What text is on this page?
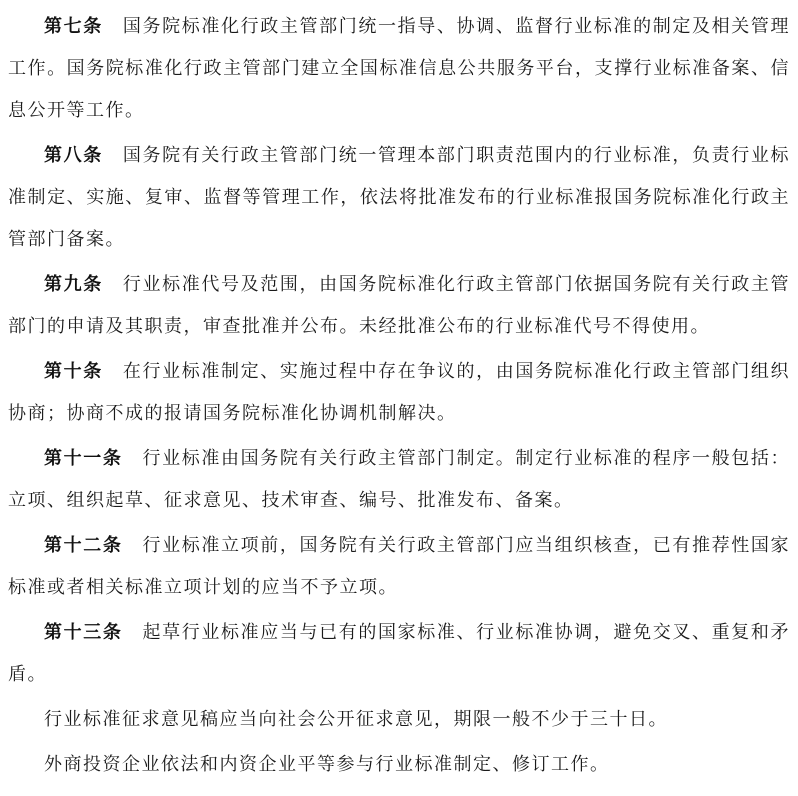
第七条 国务院标准化行政主管部门统一指导、协调、监督行业标准的制定及相关管理工作。国务院标准化行政主管部门建立全国标准信息公共服务平台，支撑行业标准备案、信息公开等工作。

第八条 国务院有关行政主管部门统一管理本部门职责范围内的行业标准，负责行业标准制定、实施、复审、监督等管理工作，依法将批准发布的行业标准报国务院标准化行政主管部门备案。

第九条 行业标准代号及范围，由国务院标准化行政主管部门依据国务院有关行政主管部门的申请及其职责，审查批准并公布。未经批准公布的行业标准代号不得使用。

第十条 在行业标准制定、实施过程中存在争议的，由国务院标准化行政主管部门组织协商；协商不成的报请国务院标准化协调机制解决。

第十一条 行业标准由国务院有关行政主管部门制定。制定行业标准的程序一般包括：立项、组织起草、征求意见、技术审查、编号、批准发布、备案。

第十二条 行业标准立项前，国务院有关行政主管部门应当组织核查，已有推荐性国家标准或者相关标准立项计划的应当不予立项。

第十三条 起草行业标准应当与已有的国家标准、行业标准协调，避免交叉、重复和矛盾。

行业标准征求意见稿应当向社会公开征求意见，期限一般不少于三十日。

外商投资企业依法和内资企业平等参与行业标准制定、修订工作。
